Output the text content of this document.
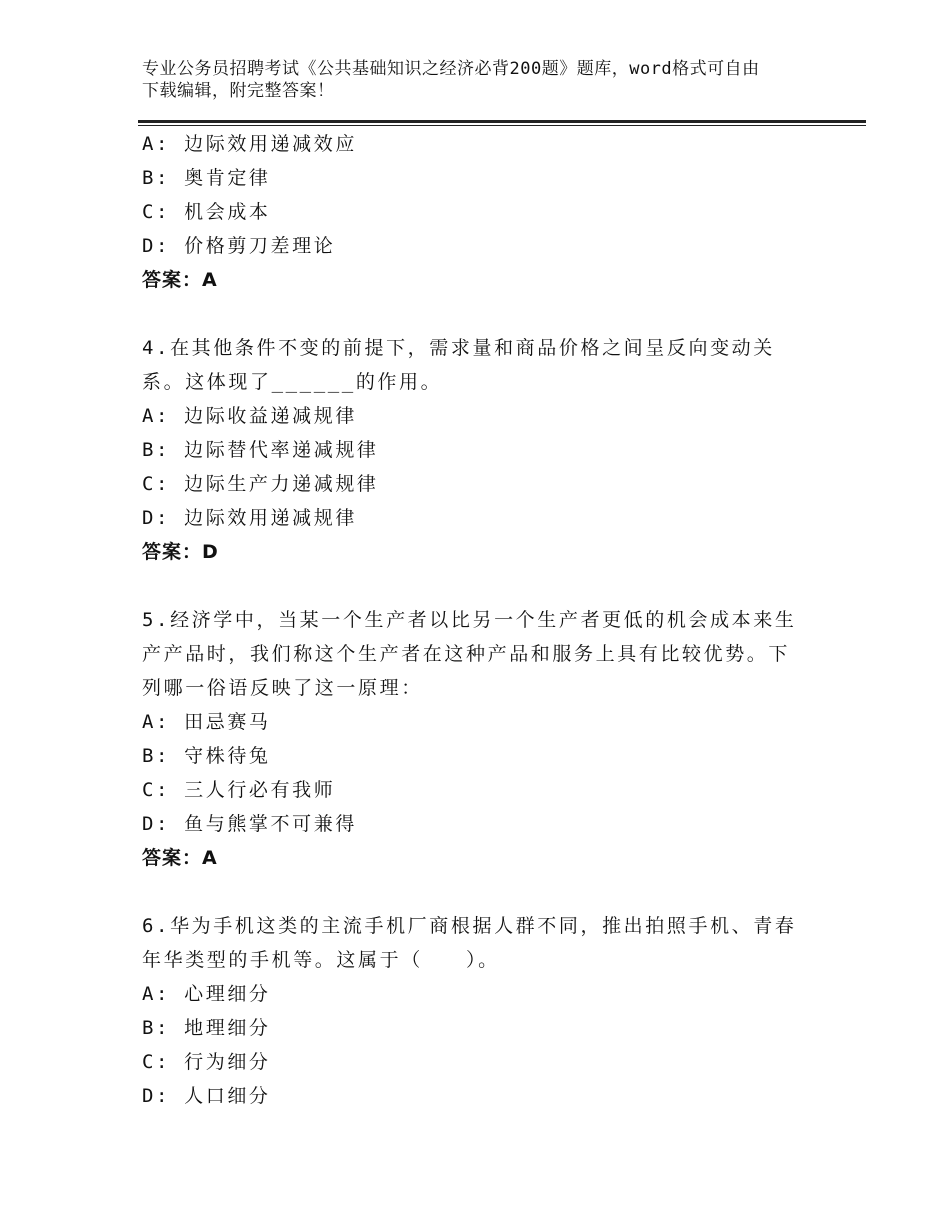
专业公务员招聘考试《公共基础知识之经济必背200题》题库，word格式可自由
下载编辑，附完整答案！
A: 边际效用递减效应
B: 奥肯定律
C: 机会成本
D: 价格剪刀差理论
答案：A
4.在其他条件不变的前提下，需求量和商品价格之间呈反向变动关
系。这体现了______的作用。
A: 边际收益递减规律
B: 边际替代率递减规律
C: 边际生产力递减规律
D: 边际效用递减规律
答案：D
5.经济学中，当某一个生产者以比另一个生产者更低的机会成本来生
产产品时，我们称这个生产者在这种产品和服务上具有比较优势。下
列哪一俗语反映了这一原理：
A: 田忌赛马
B: 守株待兔
C: 三人行必有我师
D: 鱼与熊掌不可兼得
答案：A
6.华为手机这类的主流手机厂商根据人群不同，推出拍照手机、青春
年华类型的手机等。这属于（　　）。
A: 心理细分
B: 地理细分
C: 行为细分
D: 人口细分
